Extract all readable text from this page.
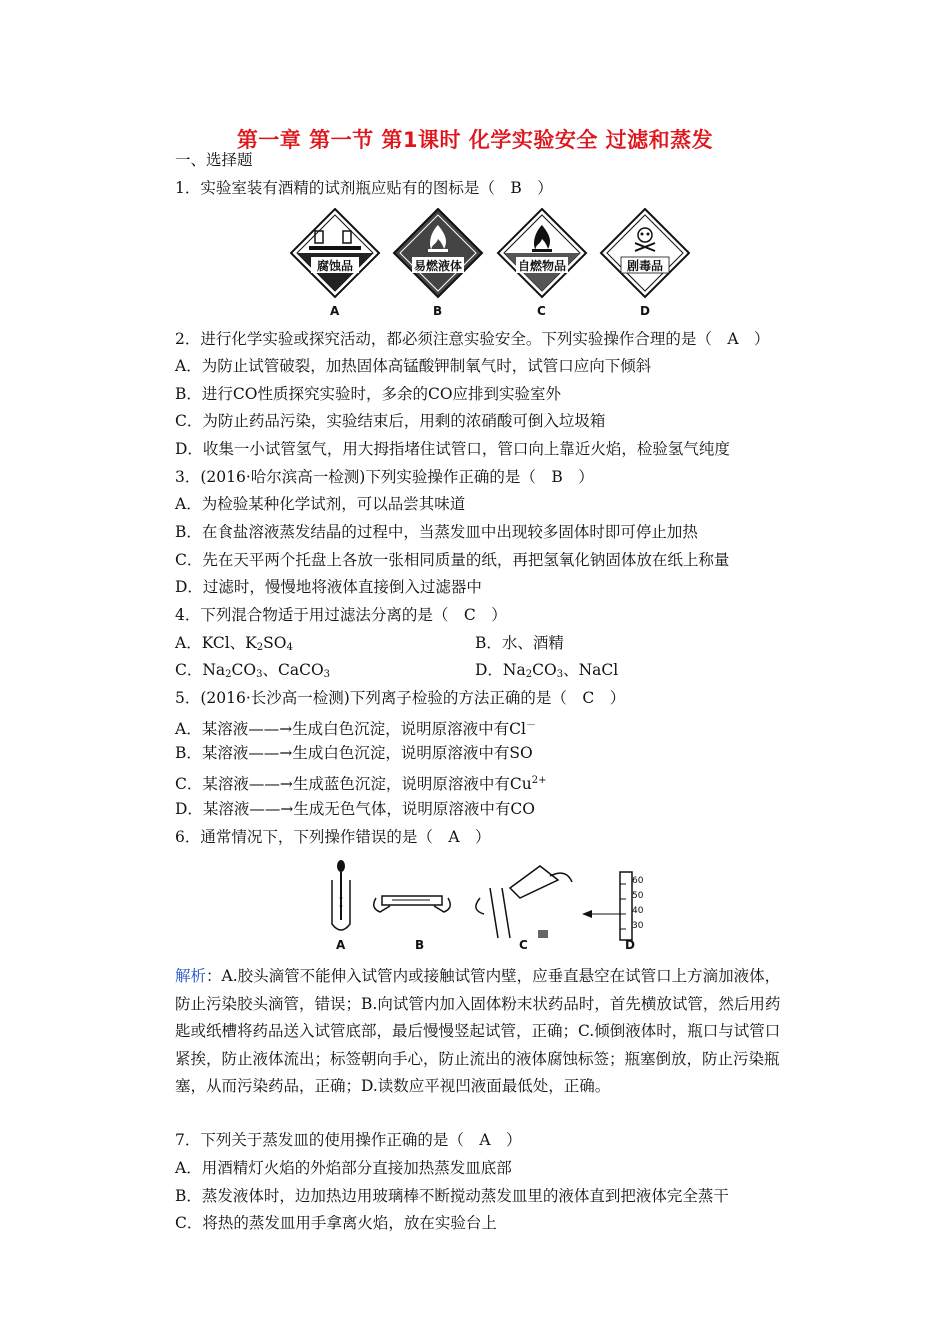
第一章 第一节 第1课时 化学实验安全 过滤和蒸发
一、选择题
1．实验室装有酒精的试剂瓶应贴有的图标是（　B　）
腐蚀品	易燃液体	自燃物品	剧毒品
A	B	C	D
2．进行化学实验或探究活动，都必须注意实验安全。下列实验操作合理的是（　A　）
A．为防止试管破裂，加热固体高锰酸钾制氧气时，试管口应向下倾斜
B．进行CO性质探究实验时，多余的CO应排到实验室外
C．为防止药品污染，实验结束后，用剩的浓硝酸可倒入垃圾箱
D．收集一小试管氢气，用大拇指堵住试管口，管口向上靠近火焰，检验氢气纯度
3．(2016·哈尔滨高一检测)下列实验操作正确的是（　B　）
A．为检验某种化学试剂，可以品尝其味道
B．在食盐溶液蒸发结晶的过程中，当蒸发皿中出现较多固体时即可停止加热
C．先在天平两个托盘上各放一张相同质量的纸，再把氢氧化钠固体放在纸上称量
D．过滤时，慢慢地将液体直接倒入过滤器中
4．下列混合物适于用过滤法分离的是（　C　）
A．KCl、$K_2SO_4$	B．水、酒精
C．$Na_2CO_3$、CaCO$_3$	D．$Na_2CO_3$、NaCl
5．(2016·长沙高一检测)下列离子检验的方法正确的是（　C　）
A．某溶液——→生成白色沉淀，说明原溶液中有Cl－
B．某溶液——→生成白色沉淀，说明原溶液中有SO
C．某溶液——→生成蓝色沉淀，说明原溶液中有$Cu^{2+}$
D．某溶液——→生成无色气体，说明原溶液中有CO
6．通常情况下，下列操作错误的是（　A　）
A	B	C	D
60
50
40
30
解析：A.胶头滴管不能伸入试管内或接触试管内壁，应垂直悬空在试管口上方滴加液体，防止污染胶头滴管，错误；B.向试管内加入固体粉末状药品时，首先横放试管，然后用药匙或纸槽将药品送入试管底部，最后慢慢竖起试管，正确；C.倾倒液体时，瓶口与试管口紧挨，防止液体流出；标签朝向手心，防止流出的液体腐蚀标签；瓶塞倒放，防止污染瓶塞，从而污染药品，正确；D.读数应平视凹液面最低处，正确。
7．下列关于蒸发皿的使用操作正确的是（　A　）
A．用酒精灯火焰的外焰部分直接加热蒸发皿底部
B．蒸发液体时，边加热边用玻璃棒不断搅动蒸发皿里的液体直到把液体完全蒸干
C．将热的蒸发皿用手拿离火焰，放在实验台上
